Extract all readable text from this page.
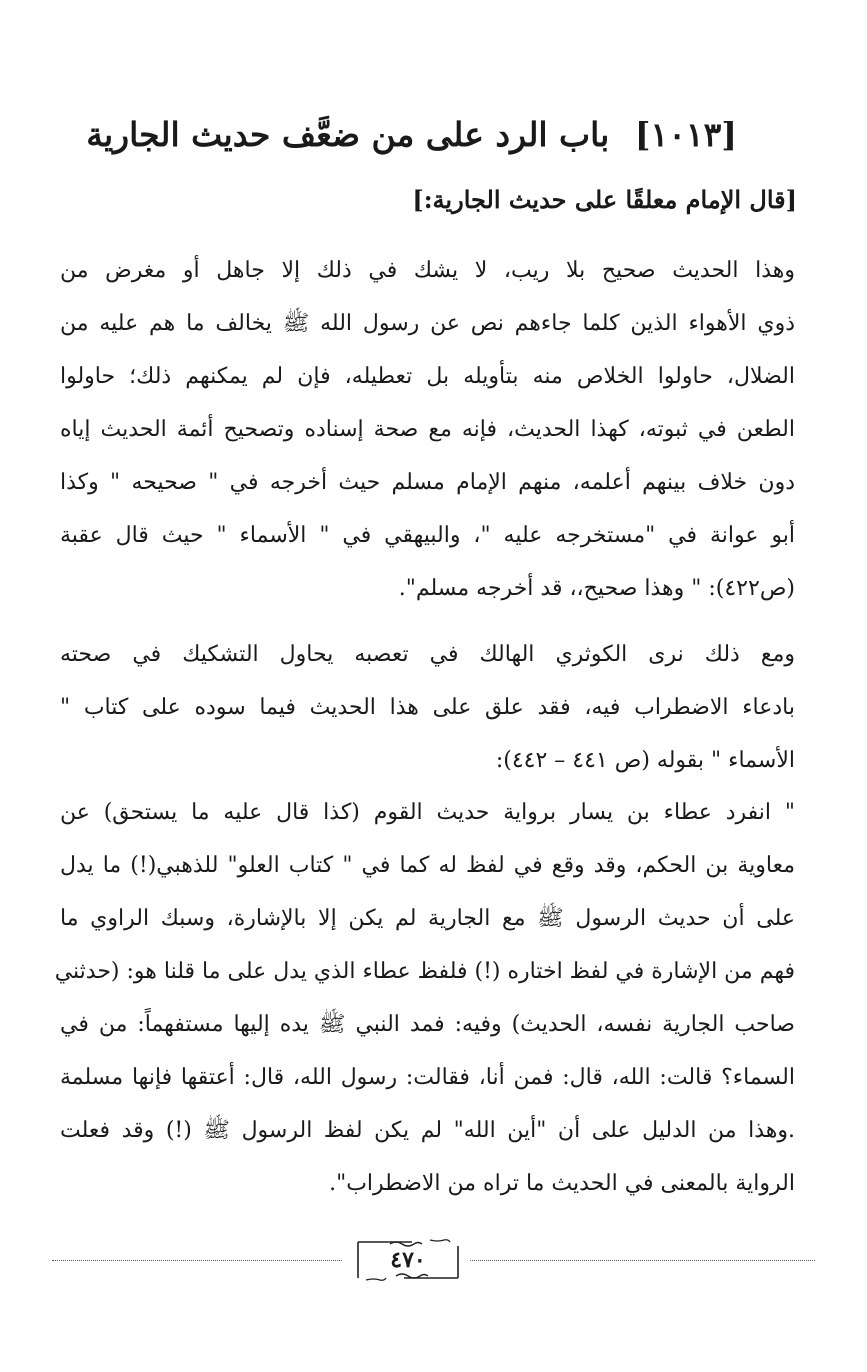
[١٠١٣] باب الرد على من ضعَّف حديث الجارية
[قال الإمام معلقًا على حديث الجارية:]
وهذا الحديث صحيح بلا ريب، لا يشك في ذلك إلا جاهل أو مغرض من
ذوي الأهواء الذين كلما جاءهم نص عن رسول الله ﷺ يخالف ما هم عليه من
الضلال، حاولوا الخلاص منه بتأويله بل تعطيله، فإن لم يمكنهم ذلك؛ حاولوا
الطعن في ثبوته، كهذا الحديث، فإنه مع صحة إسناده وتصحيح أئمة الحديث إياه
دون خلاف بينهم أعلمه، منهم الإمام مسلم حيث أخرجه في " صحيحه " وكذا
أبو عوانة في "مستخرجه عليه "، والبيهقي في " الأسماء " حيث قال عقبة
(ص٤٢٢): " وهذا صحيح،، قد أخرجه مسلم".
ومع ذلك نرى الكوثري الهالك في تعصبه يحاول التشكيك في صحته
بادعاء الاضطراب فيه، فقد علق على هذا الحديث فيما سوده على كتاب "
الأسماء " بقوله (ص ٤٤١ – ٤٤٢):
" انفرد عطاء بن يسار برواية حديث القوم (كذا قال عليه ما يستحق) عن
معاوية بن الحكم، وقد وقع في لفظ له كما في " كتاب العلو" للذهبي(!) ما يدل
على أن حديث الرسول ﷺ مع الجارية لم يكن إلا بالإشارة، وسبك الراوي ما
فهم من الإشارة في لفظ اختاره (!) فلفظ عطاء الذي يدل على ما قلنا هو: (حدثني
صاحب الجارية نفسه، الحديث) وفيه: فمد النبي ﷺ يده إليها مستفهماً: من في
السماء؟ قالت: الله، قال: فمن أنا، فقالت: رسول الله، قال: أعتقها فإنها مسلمة
.وهذا من الدليل على أن "أين الله" لم يكن لفظ الرسول ﷺ (!) وقد فعلت
الرواية بالمعنى في الحديث ما تراه من الاضطراب".
٤٧٠
